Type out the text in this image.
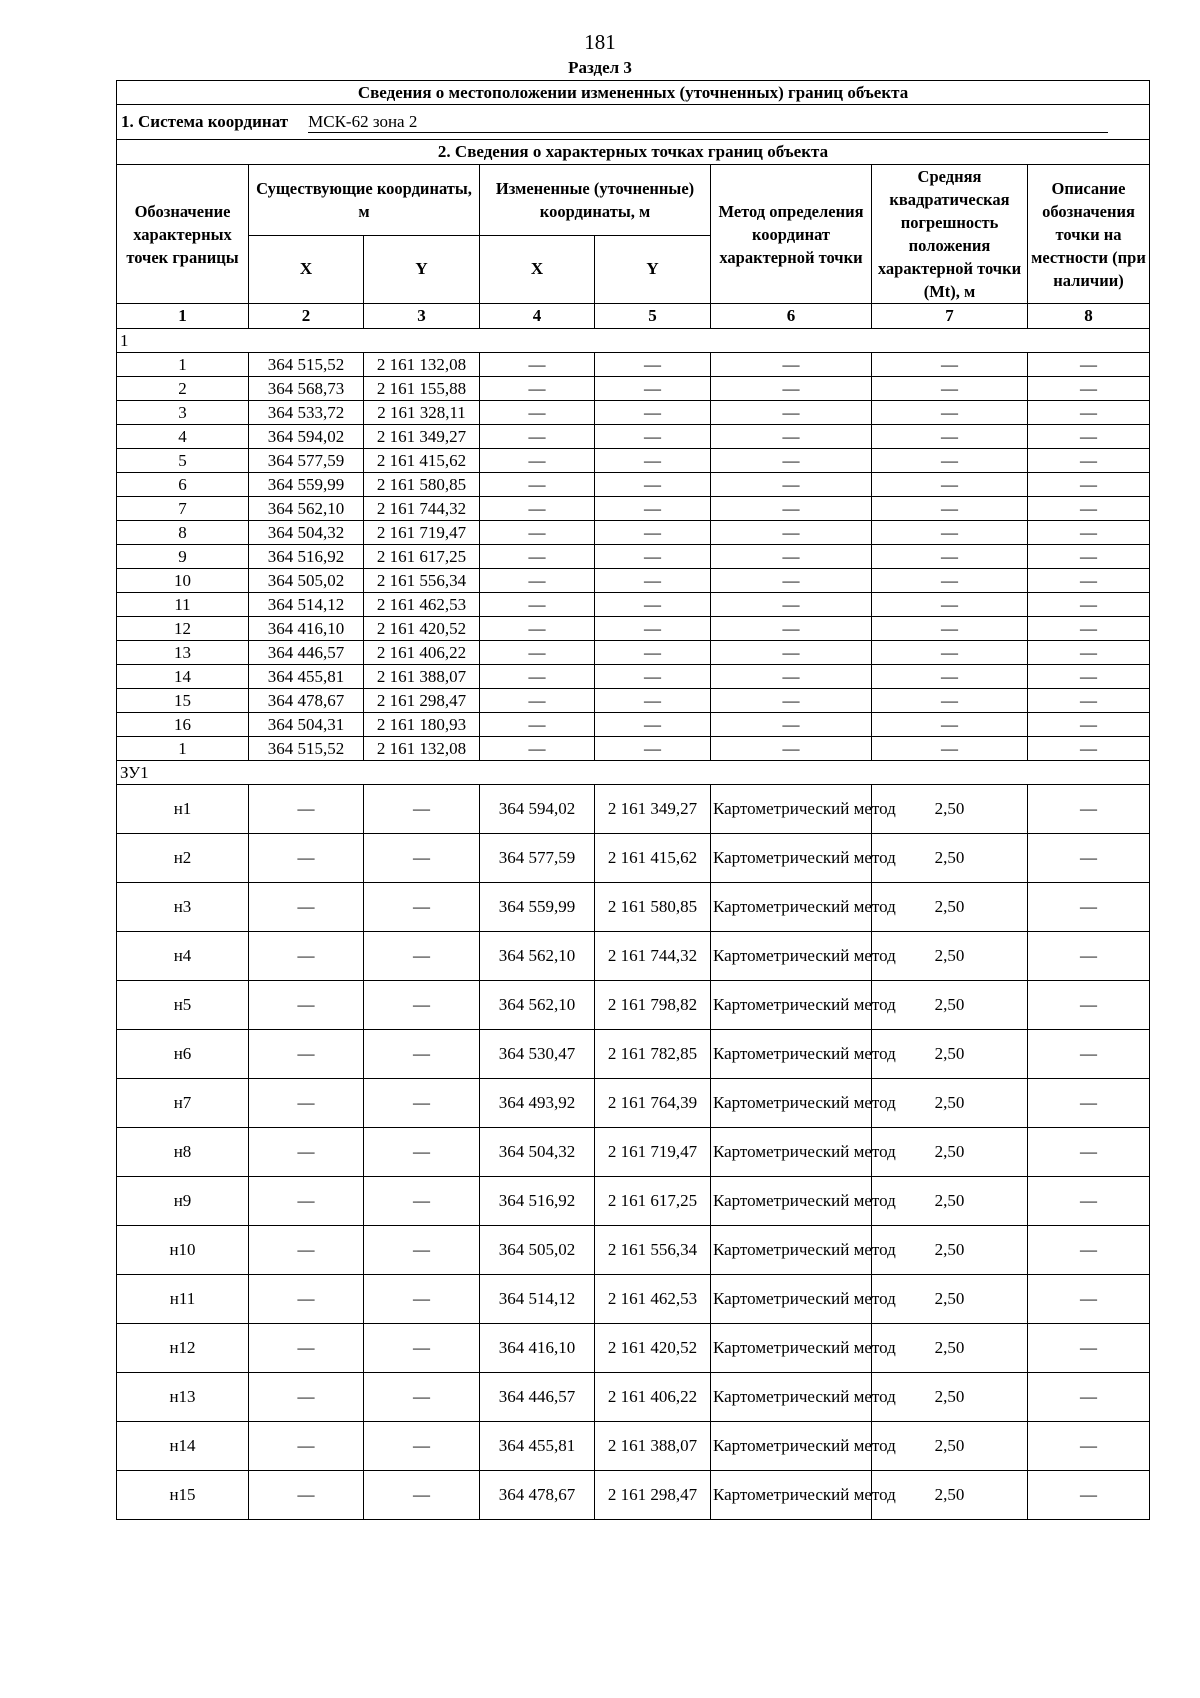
181
Раздел 3
Сведения о местоположении измененных (уточненных) границ объекта							
1. Система координат МСК-62 зона 2							
2. Сведения о характерных точках границ объекта							
Обозначение характерных точек границы	Существующие координаты, м		Измененные (уточненные) координаты, м		Метод определения координат характерной точки	Средняя квадратическая погрешность положения характерной точки (Mt), м	Описание обозначения точки на местности (при наличии)
	X	Y	X	Y			
1	2	3	4	5	6	7	8
1							
1	364 515,52	2 161 132,08	—	—	—	—	—
2	364 568,73	2 161 155,88	—	—	—	—	—
3	364 533,72	2 161 328,11	—	—	—	—	—
4	364 594,02	2 161 349,27	—	—	—	—	—
5	364 577,59	2 161 415,62	—	—	—	—	—
6	364 559,99	2 161 580,85	—	—	—	—	—
7	364 562,10	2 161 744,32	—	—	—	—	—
8	364 504,32	2 161 719,47	—	—	—	—	—
9	364 516,92	2 161 617,25	—	—	—	—	—
10	364 505,02	2 161 556,34	—	—	—	—	—
11	364 514,12	2 161 462,53	—	—	—	—	—
12	364 416,10	2 161 420,52	—	—	—	—	—
13	364 446,57	2 161 406,22	—	—	—	—	—
14	364 455,81	2 161 388,07	—	—	—	—	—
15	364 478,67	2 161 298,47	—	—	—	—	—
16	364 504,31	2 161 180,93	—	—	—	—	—
1	364 515,52	2 161 132,08	—	—	—	—	—
ЗУ1							
н1	—	—	364 594,02	2 161 349,27	Картометрический метод	2,50	—
н2	—	—	364 577,59	2 161 415,62	Картометрический метод	2,50	—
н3	—	—	364 559,99	2 161 580,85	Картометрический метод	2,50	—
н4	—	—	364 562,10	2 161 744,32	Картометрический метод	2,50	—
н5	—	—	364 562,10	2 161 798,82	Картометрический метод	2,50	—
н6	—	—	364 530,47	2 161 782,85	Картометрический метод	2,50	—
н7	—	—	364 493,92	2 161 764,39	Картометрический метод	2,50	—
н8	—	—	364 504,32	2 161 719,47	Картометрический метод	2,50	—
н9	—	—	364 516,92	2 161 617,25	Картометрический метод	2,50	—
н10	—	—	364 505,02	2 161 556,34	Картометрический метод	2,50	—
н11	—	—	364 514,12	2 161 462,53	Картометрический метод	2,50	—
н12	—	—	364 416,10	2 161 420,52	Картометрический метод	2,50	—
н13	—	—	364 446,57	2 161 406,22	Картометрический метод	2,50	—
н14	—	—	364 455,81	2 161 388,07	Картометрический метод	2,50	—
н15	—	—	364 478,67	2 161 298,47	Картометрический метод	2,50	—
